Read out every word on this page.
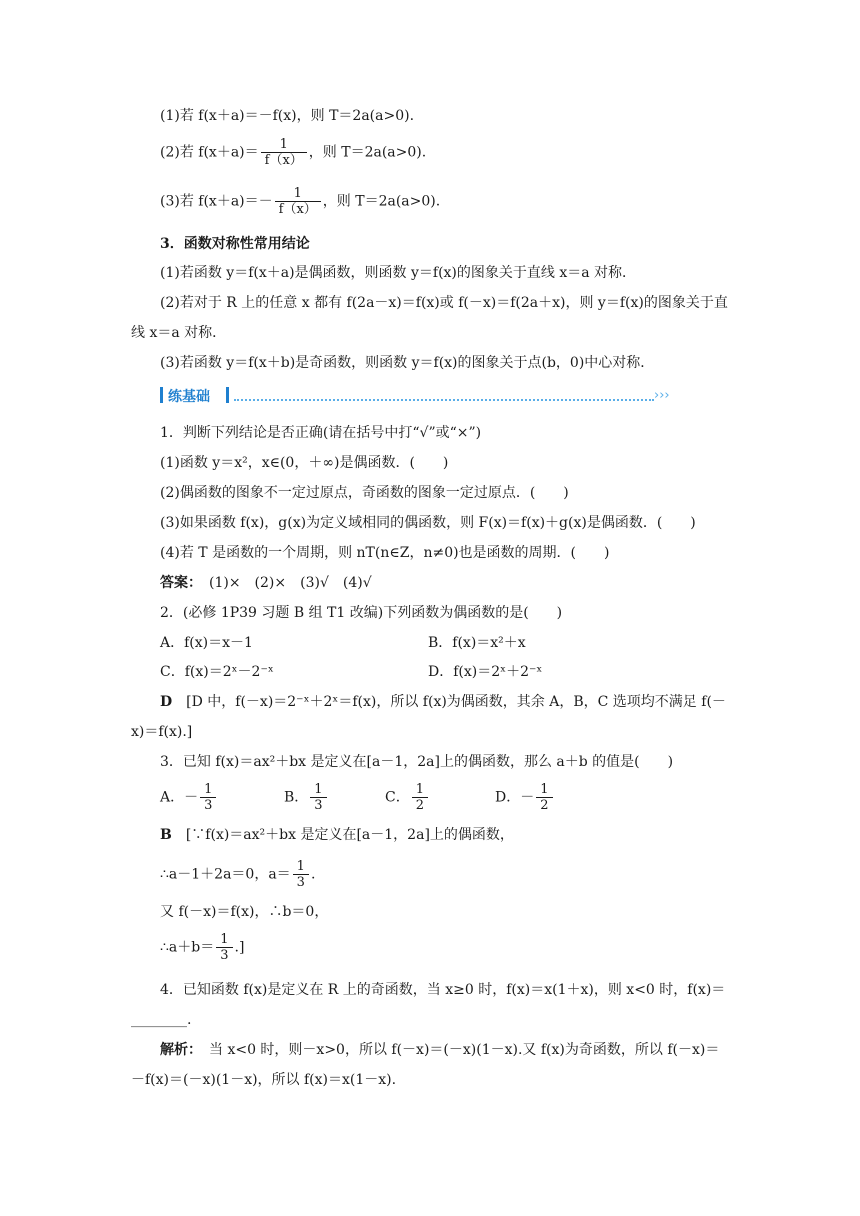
(1)若 f(x＋a)＝－f(x)，则 T＝2a(a>0).
(2)若 $f(x+a)= \frac{1}{f(x)}$ ，则 T＝2a(a>0).
(3)若 $f(x+a)=- \frac{1}{f(x)}$ ，则 T＝2a(a>0).
3．函数对称性常用结论
(1)若函数 y＝f(x＋a)是偶函数，则函数 y＝f(x)的图象关于直线 x＝a 对称．
(2)若对于 R 上的任意 x 都有 f(2a－x)＝f(x)或 f(－x)＝f(2a＋x)，则 y＝f(x)的图象关于直
线 x＝a 对称．
(3)若函数 y＝f(x＋b)是奇函数，则函数 y＝f(x)的图象关于点(b，0)中心对称．
练基础	›››
1．判断下列结论是否正确(请在括号中打“√”或“×”)
(1)函数 y＝x²，x∈(0，＋∞)是偶函数．(　　)
(2)偶函数的图象不一定过原点，奇函数的图象一定过原点．(　　)
(3)如果函数 f(x)，g(x)为定义域相同的偶函数，则 F(x)＝f(x)＋g(x)是偶函数．(　　)
(4)若 T 是函数的一个周期，则 nT(n∈Z，n≠0)也是函数的周期．(　　)
答案：　(1)×　(2)×　(3)√　(4)√
2．(必修 1P39 习题 B 组 T1 改编)下列函数为偶函数的是(　　)
A．f(x)＝x－1	B．f(x)＝x²＋x
C．f(x)＝2ˣ－2⁻ˣ	D．f(x)＝2ˣ＋2⁻ˣ
D　[D 中，f(－x)＝2⁻ˣ＋2ˣ＝f(x)，所以 f(x)为偶函数，其余 A，B，C 选项均不满足 f(－
x)＝f(x).]
3．已知 f(x)＝ax²＋bx 是定义在[a－1，2a]上的偶函数，那么 a＋b 的值是(　　)
A．－ $\frac{1}{3}$	B． $\frac{1}{3}$	C． $\frac{1}{2}$	D．－ $\frac{1}{2}$
B　[∵f(x)＝ax²＋bx 是定义在[a－1，2a]上的偶函数，
∴a－1＋2a＝0，$a= \frac{1}{3}$ .
又 f(－x)＝f(x)，∴b＝0，
∴a＋b＝ $\frac{1}{3}$ .]
4．已知函数 f(x)是定义在 R 上的奇函数，当 x≥0 时，f(x)＝x(1＋x)，则 x<0 时，f(x)＝
________.
解析：　当 x<0 时，则－x>0，所以 f(－x)＝(－x)(1－x).又 f(x)为奇函数，所以 f(－x)＝
－f(x)＝(－x)(1－x)，所以 f(x)＝x(1－x).
